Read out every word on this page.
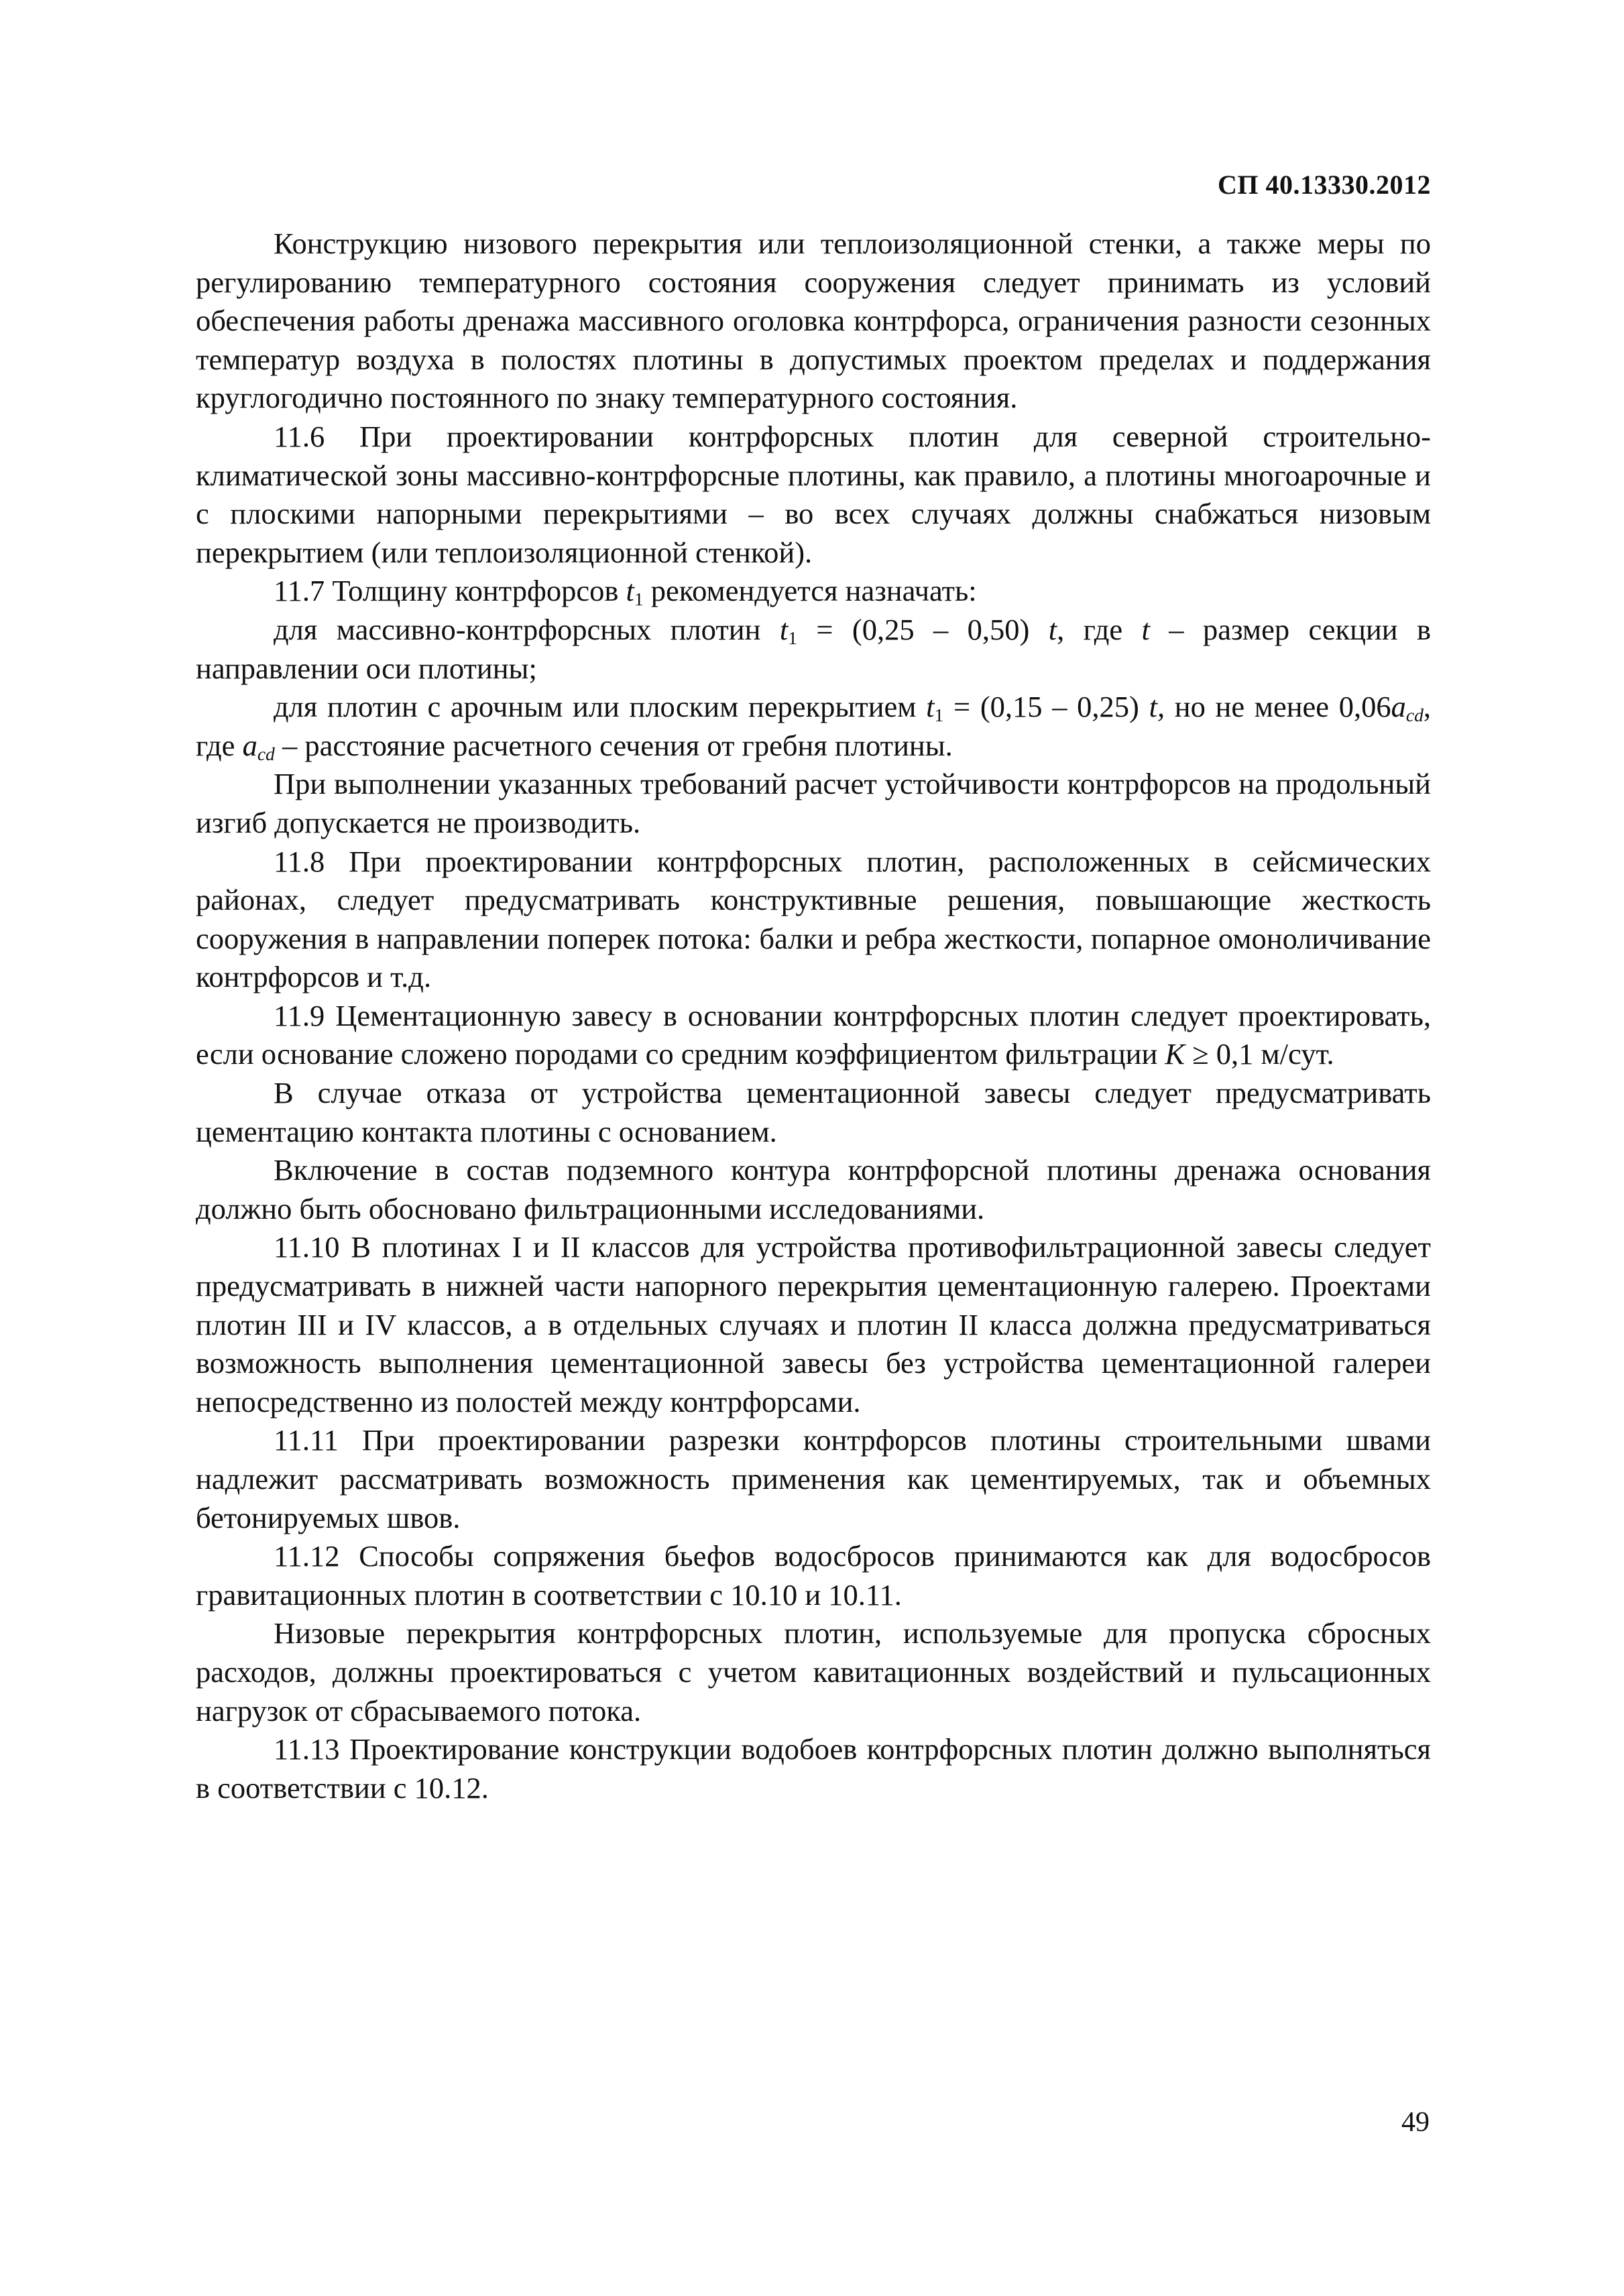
СП 40.13330.2012

Конструкцию низового перекрытия или теплоизоляционной стенки, а также меры по регулированию температурного состояния сооружения следует принимать из условий обеспечения работы дренажа массивного оголовка контрфорса, ограничения разности сезонных температур воздуха в полостях плотины в допустимых проектом пределах и поддержания круглогодично постоянного по знаку температурного состояния.

11.6 При проектировании контрфорсных плотин для северной строительно-климатической зоны массивно-контрфорсные плотины, как правило, а плотины многоарочные и с плоскими напорными перекрытиями – во всех случаях должны снабжаться низовым перекрытием (или теплоизоляционной стенкой).

11.7 Толщину контрфорсов $t_1$ рекомендуется назначать:

для массивно-контрфорсных плотин $t_1 = (0,25 - 0,50)$ t, где t – размер секции в направлении оси плотины;

для плотин с арочным или плоским перекрытием $t_1 = (0,15 - 0,25)$ t, но не менее $0,06a_{cd}$, где $a_{cd}$ – расстояние расчетного сечения от гребня плотины.

При выполнении указанных требований расчет устойчивости контрфорсов на продольный изгиб допускается не производить.

11.8 При проектировании контрфорсных плотин, расположенных в сейсмических районах, следует предусматривать конструктивные решения, повышающие жесткость сооружения в направлении поперек потока: балки и ребра жесткости, попарное омоноличивание контрфорсов и т.д.

11.9 Цементационную завесу в основании контрфорсных плотин следует проектировать, если основание сложено породами со средним коэффициентом фильтрации K ≥ 0,1 м/сут.

В случае отказа от устройства цементационной завесы следует предусматривать цементацию контакта плотины с основанием.

Включение в состав подземного контура контрфорсной плотины дренажа основания должно быть обосновано фильтрационными исследованиями.

11.10 В плотинах I и II классов для устройства противофильтрационной завесы следует предусматривать в нижней части напорного перекрытия цементационную галерею. Проектами плотин III и IV классов, а в отдельных случаях и плотин II класса должна предусматриваться возможность выполнения цементационной завесы без устройства цементационной галереи непосредственно из полостей между контрфорсами.

11.11 При проектировании разрезки контрфорсов плотины строительными швами надлежит рассматривать возможность применения как цементируемых, так и объемных бетонируемых швов.

11.12 Способы сопряжения бьефов водосбросов принимаются как для водосбросов гравитационных плотин в соответствии с 10.10 и 10.11.

Низовые перекрытия контрфорсных плотин, используемые для пропуска сбросных расходов, должны проектироваться с учетом кавитационных воздействий и пульсационных нагрузок от сбрасываемого потока.

11.13 Проектирование конструкции водобоев контрфорсных плотин должно выполняться в соответствии с 10.12.

49
